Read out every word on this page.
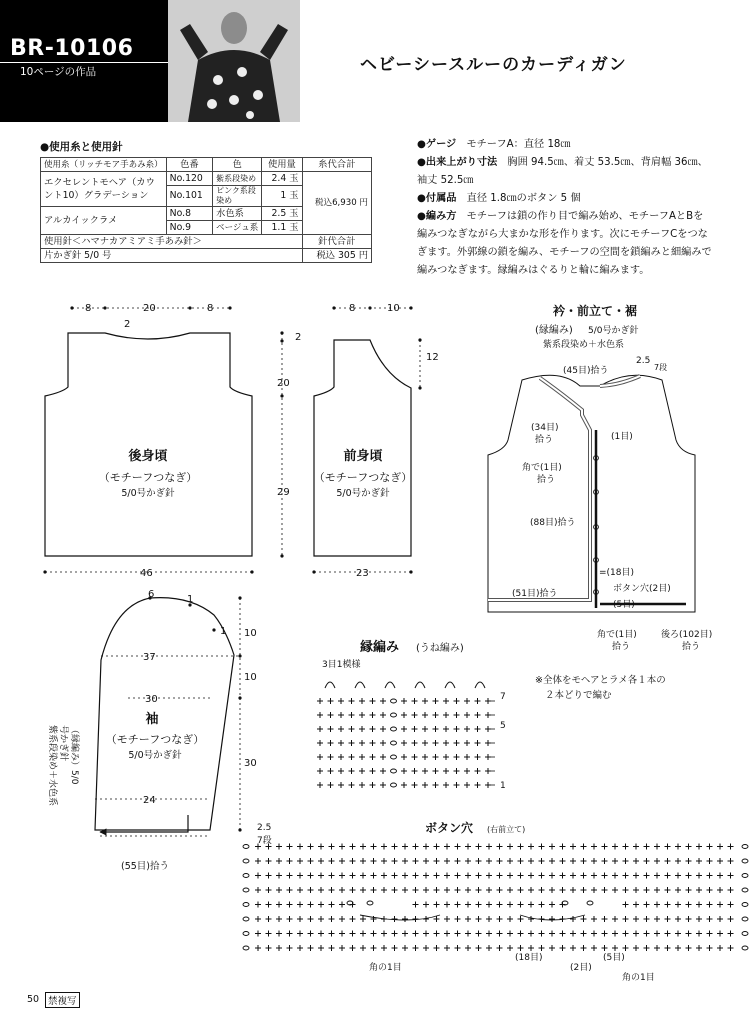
BR-10106
10ページの作品	ヘビーシースルーのカーディガン
●使用糸と使用針
使用糸（リッチモア手あみ糸）	色番	色	使用量	糸代合計
エクセレントモヘア（カウント10）グラデーション	No.120	紫系段染め	2.4 玉	税込6,930 円
	No.101	ピンク系段染め	1 玉	
アルカイックラメ	No.8	水色系	2.5 玉	
	No.9	ベージュ系	1.1 玉	
使用針＜ハマナカアミアミ手あみ針＞				針代合計
片かぎ針 5/0 号				税込 305 円
●ゲージ　 モチーフA：直径 18㎝
●出来上がり寸法　 胸囲 94.5㎝、着丈 53.5㎝、背肩幅 36㎝、
袖丈 52.5㎝
●付属品　 直径 1.8㎝のボタン 5 個
●編み方　 モチーフは鎖の作り目で編み始め、モチーフAとBを
編みつなぎながら大まかな形を作ります。次にモチーフCをつな
ぎます。外郭線の鎖を編み、モチーフの空間を鎖編みと細編みで
編みつなぎます。縁編みはぐるりと輪に編みます。
8	20	8
2
20
29
46
後身頃
（モチーフつなぎ）
5/0号かぎ針
8	10
2
12
23
前身頃
（モチーフつなぎ）
5/0号かぎ針
6	1
1
37
30
24
10
10
30
2.5
7段
袖
（モチーフつなぎ）
5/0号かぎ針
(55目)拾う
（縁編み）5/0
号かぎ針
紫系段染め＋水色系
衿・前立て・裾
(縁編み) 5/0号かぎ針
紫系段染め＋水色系
(45目)拾う
2.5
7段
(34目)
拾う	(1目)
角で(1目)
拾う
(88目)拾う
=(18目)
ボタン穴(2目)
(5目)
(51目)拾う
角で(1目)
拾う
後ろ(102目)
拾う
縁編み (うね編み)
3目1模様
7
5
1
※全体をモヘアとラメ各１本の
２本どりで編む
ボタン穴 (右前立て)
角の1目
(18目)
(2目)
(5目)
角の1目
50 禁複写
